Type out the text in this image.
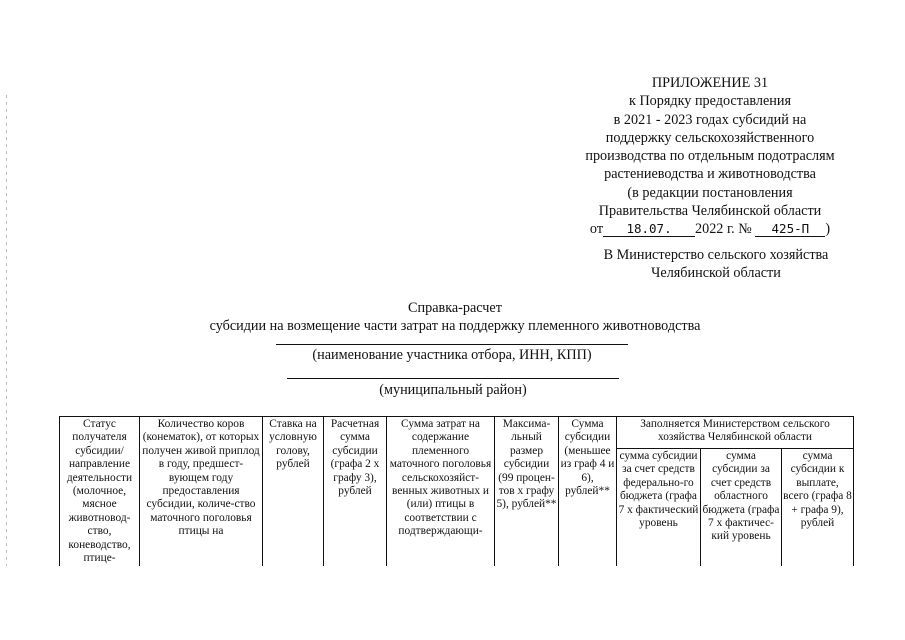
ПРИЛОЖЕНИЕ 31
к Порядку предоставления
в 2021 - 2023 годах субсидий на
поддержку сельскохозяйственного
производства по отдельным подотраслям
растениеводства и животноводства
(в редакции постановления
Правительства Челябинской области
от 18.07. 2022 г. № 425-П )
В Министерство сельского хозяйства
Челябинской области
Справка-расчет
субсидии на возмещение части затрат на поддержку племенного животноводства
(наименование участника отбора, ИНН, КПП)
(муниципальный район)
Статус получателя субсидии/ направление деятельности (молочное, мясное животновод-ство, коневодство, птице-	Количество коров (конематок), от которых получен живой приплод в году, предшест-вующем году предоставления субсидии, количе-ство маточного поголовья птицы на	Ставка на условную голову, рублей	Расчетная сумма субсидии (графа 2 х графу 3), рублей	Сумма затрат на содержание племенного маточного поголовья сельскохозяйст-венных животных и (или) птицы в соответствии с подтверждающи-	Максима-льный размер субсидии (99 процен-тов х графу 5), рублей**	Сумма субсидии (меньшее из граф 4 и 6), рублей**	Заполняется Министерством сельского хозяйства Челябинской области		
							сумма субсидии за счет средств федерально-го бюджета (графа 7 х фактический уровень	сумма субсидии за счет средств областного бюджета (графа 7 х фактичес-кий уровень	сумма субсидии к выплате, всего (графа 8 + графа 9), рублей
